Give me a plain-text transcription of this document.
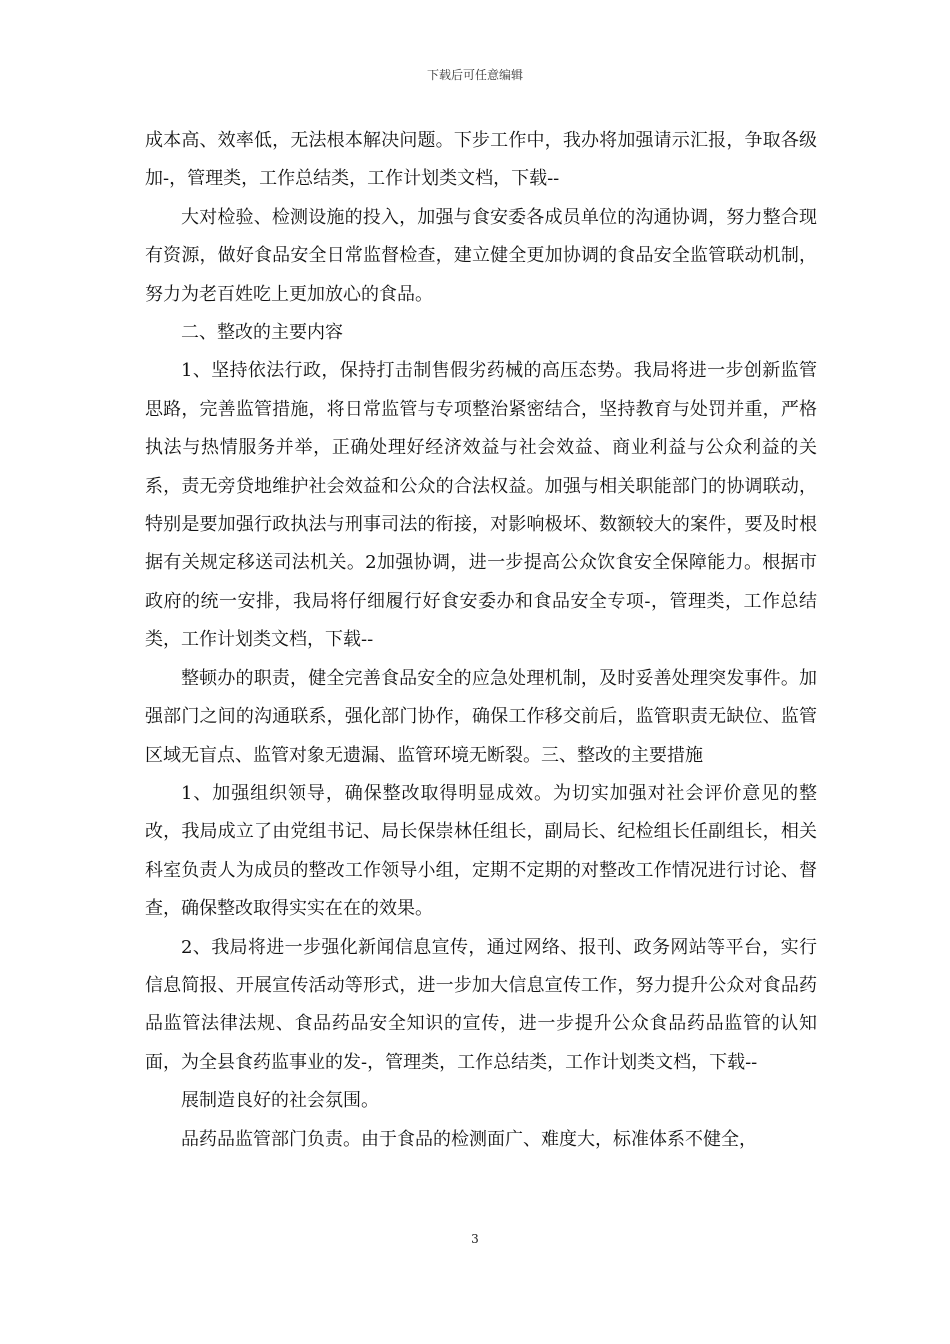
下载后可任意编辑

成本高、效率低，无法根本解决问题。下步工作中，我办将加强请示汇报，争取各级加-，管理类，工作总结类，工作计划类文档，下载--

大对检验、检测设施的投入，加强与食安委各成员单位的沟通协调，努力整合现有资源，做好食品安全日常监督检查，建立健全更加协调的食品安全监管联动机制，努力为老百姓吃上更加放心的食品。

二、整改的主要内容

1、坚持依法行政，保持打击制售假劣药械的高压态势。我局将进一步创新监管思路，完善监管措施，将日常监管与专项整治紧密结合，坚持教育与处罚并重，严格执法与热情服务并举，正确处理好经济效益与社会效益、商业利益与公众利益的关系，责无旁贷地维护社会效益和公众的合法权益。加强与相关职能部门的协调联动，特别是要加强行政执法与刑事司法的衔接，对影响极坏、数额较大的案件，要及时根据有关规定移送司法机关。2加强协调，进一步提高公众饮食安全保障能力。根据市政府的统一安排，我局将仔细履行好食安委办和食品安全专项-，管理类，工作总结类，工作计划类文档，下载--

整顿办的职责，健全完善食品安全的应急处理机制，及时妥善处理突发事件。加强部门之间的沟通联系，强化部门协作，确保工作移交前后，监管职责无缺位、监管区域无盲点、监管对象无遗漏、监管环境无断裂。三、整改的主要措施

1、加强组织领导，确保整改取得明显成效。为切实加强对社会评价意见的整改，我局成立了由党组书记、局长保崇林任组长，副局长、纪检组长任副组长，相关科室负责人为成员的整改工作领导小组，定期不定期的对整改工作情况进行讨论、督查，确保整改取得实实在在的效果。

2、我局将进一步强化新闻信息宣传，通过网络、报刊、政务网站等平台，实行信息简报、开展宣传活动等形式，进一步加大信息宣传工作，努力提升公众对食品药品监管法律法规、食品药品安全知识的宣传，进一步提升公众食品药品监管的认知面，为全县食药监事业的发-，管理类，工作总结类，工作计划类文档，下载--

展制造良好的社会氛围。

品药品监管部门负责。由于食品的检测面广、难度大，标准体系不健全，

3
